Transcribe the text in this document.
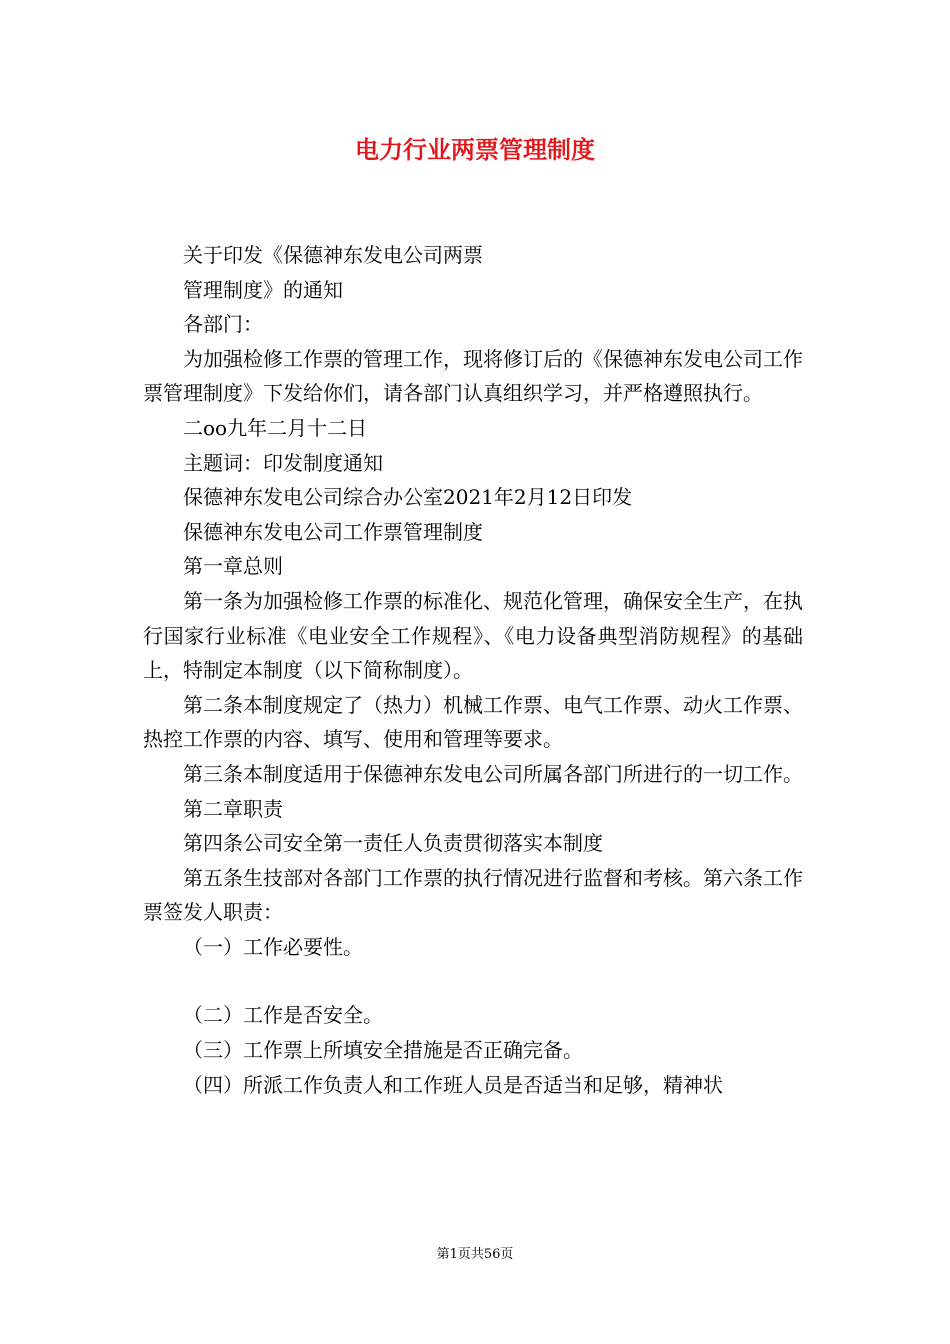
电力行业两票管理制度

关于印发《保德神东发电公司两票

管理制度》的通知

各部门：

为加强检修工作票的管理工作，现将修订后的《保德神东发电公司工作票管理制度》下发给你们，请各部门认真组织学习，并严格遵照执行。

二oo九年二月十二日

主题词：印发制度通知

保德神东发电公司综合办公室2021年2月12日印发

保德神东发电公司工作票管理制度

第一章总则

第一条为加强检修工作票的标准化、规范化管理，确保安全生产，在执行国家行业标准《电业安全工作规程》、《电力设备典型消防规程》的基础上，特制定本制度（以下简称制度）。

第二条本制度规定了（热力）机械工作票、电气工作票、动火工作票、热控工作票的内容、填写、使用和管理等要求。

第三条本制度适用于保德神东发电公司所属各部门所进行的一切工作。

第二章职责

第四条公司安全第一责任人负责贯彻落实本制度

第五条生技部对各部门工作票的执行情况进行监督和考核。第六条工作票签发人职责：

（一）工作必要性。

（二）工作是否安全。

（三）工作票上所填安全措施是否正确完备。

（四）所派工作负责人和工作班人员是否适当和足够，精神状

第1页共56页
